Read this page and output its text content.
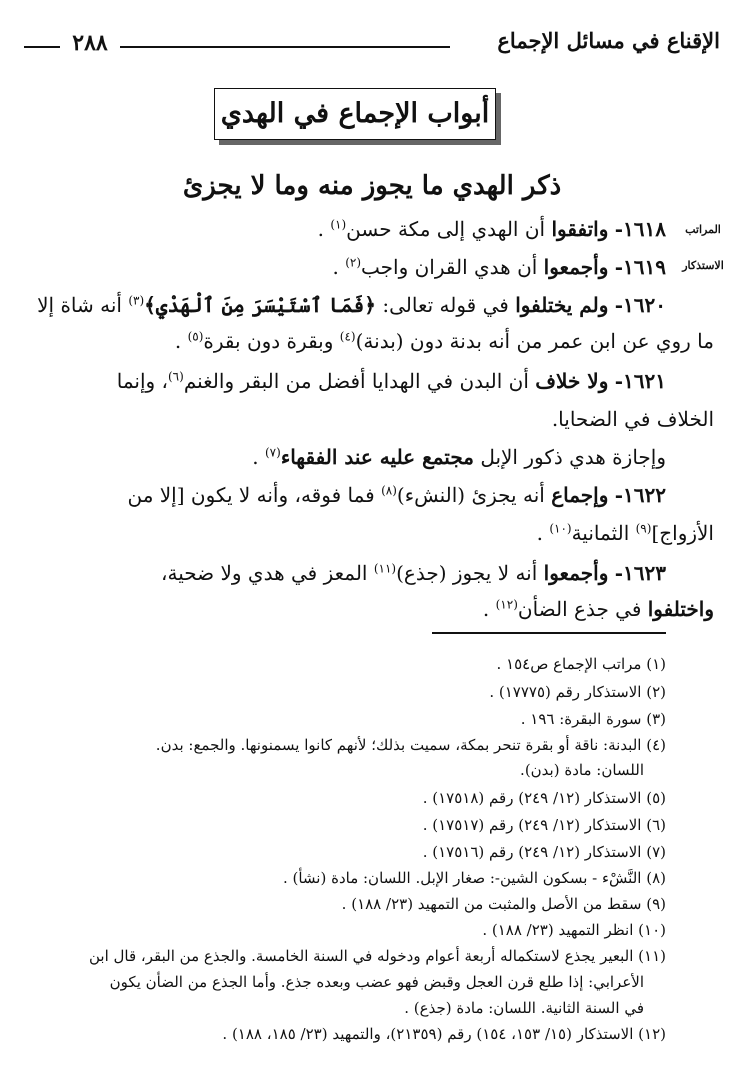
الإقناع في مسائل الإجماع
٢٨٨
أبواب الإجماع في الهدي
ذكر الهدي ما يجوز منه وما لا يجزئ
المراتب
الاستذكار
١٦١٨- واتفقوا أن الهدي إلى مكة حسن$^{(١)}$ .
١٦١٩- وأجمعوا أن هدي القران واجب$^{(٢)}$ .
١٦٢٠- ولم يختلفوا في قوله تعالى: ﴿فَمَا ٱسْتَيْسَرَ مِنَ ٱلْهَدْيِ﴾$^{(٣)}$ أنه شاة إلا
ما روي عن ابن عمر من أنه بدنة دون (بدنة)$^{(٤)}$ وبقرة دون بقرة$^{(٥)}$ .
١٦٢١- ولا خلاف أن البدن في الهدايا أفضل من البقر والغنم$^{(٦)}$، وإنما
الخلاف في الضحايا.
وإجازة هدي ذكور الإبل مجتمع عليه عند الفقهاء$^{(٧)}$ .
١٦٢٢- وإجماع أنه يجزئ (النشء)$^{(٨)}$ فما فوقه، وأنه لا يكون [إلا من
الأزواج]$^{(٩)}$ الثمانية$^{(١٠)}$ .
١٦٢٣- وأجمعوا أنه لا يجوز (جذع)$^{(١١)}$ المعز في هدي ولا ضحية،
واختلفوا في جذع الضأن$^{(١٢)}$ .
(١) مراتب الإجماع ص١٥٤ .
(٢) الاستذكار رقم (١٧٧٧٥) .
(٣) سورة البقرة: ١٩٦ .
(٤) البدنة: ناقة أو بقرة تنحر بمكة، سميت بذلك؛ لأنهم كانوا يسمنونها. والجمع: بدن.
اللسان: مادة (بدن).
(٥) الاستذكار (١٢/ ٢٤٩) رقم (١٧٥١٨) .
(٦) الاستذكار (١٢/ ٢٤٩) رقم (١٧٥١٧) .
(٧) الاستذكار (١٢/ ٢٤٩) رقم (١٧٥١٦) .
(٨) النَّشْء - بسكون الشين-: صغار الإبل. اللسان: مادة (نشأ) .
(٩) سقط من الأصل والمثبت من التمهيد (٢٣/ ١٨٨) .
(١٠) انظر التمهيد (٢٣/ ١٨٨) .
(١١) البعير يجذع لاستكماله أربعة أعوام ودخوله في السنة الخامسة. والجذع من البقر، قال ابن
الأعرابي: إذا طلع قرن العجل وقبض فهو عضب وبعده جذع. وأما الجذع من الضأن يكون
في السنة الثانية. اللسان: مادة (جذع) .
(١٢) الاستذكار (١٥/ ١٥٣، ١٥٤) رقم (٢١٣٥٩)، والتمهيد (٢٣/ ١٨٥، ١٨٨) .
